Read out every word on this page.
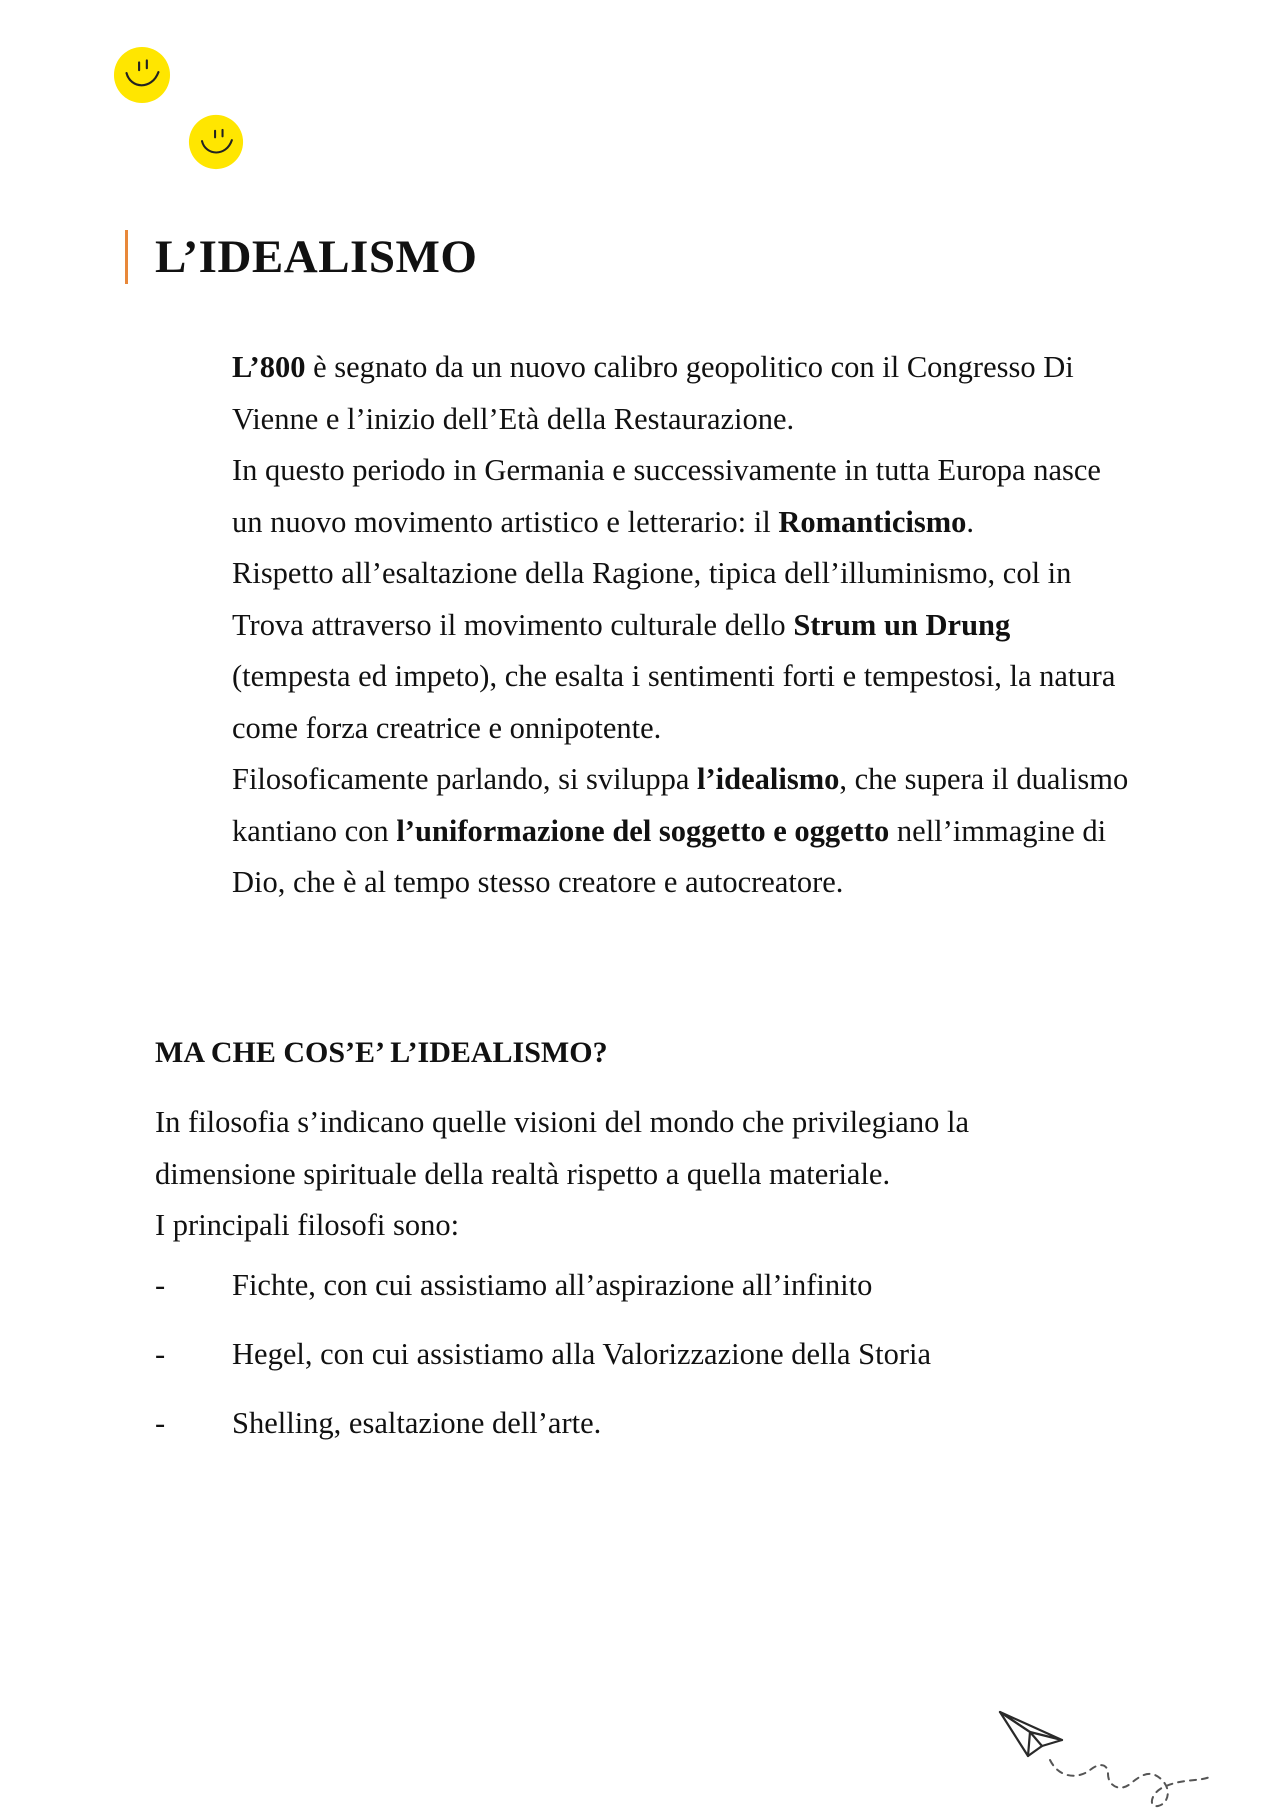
L’IDEALISMO

L’800 è segnato da un nuovo calibro geopolitico con il Congresso Di Vienne e l’inizio dell’Età della Restaurazione.

In questo periodo in Germania e successivamente in tutta Europa nasce un nuovo movimento artistico e letterario: il Romanticismo.

Rispetto all’esaltazione della Ragione, tipica dell’illuminismo, col in Trova attraverso il movimento culturale dello Strum un Drung (tempesta ed impeto), che esalta i sentimenti forti e tempestosi, la natura come forza creatrice e onnipotente.

Filosoficamente parlando, si sviluppa l’idealismo, che supera il dualismo kantiano con l’uniformazione del soggetto e oggetto nell’immagine di Dio, che è al tempo stesso creatore e autocreatore.

MA CHE COS’E’ L’IDEALISMO?

In filosofia s’indicano quelle visioni del mondo che privilegiano la dimensione spirituale della realtà rispetto a quella materiale.

I principali filosofi sono:

- Fichte, con cui assistiamo all’aspirazione all’infinito
- Hegel, con cui assistiamo alla Valorizzazione della Storia
- Shelling, esaltazione dell’arte.
